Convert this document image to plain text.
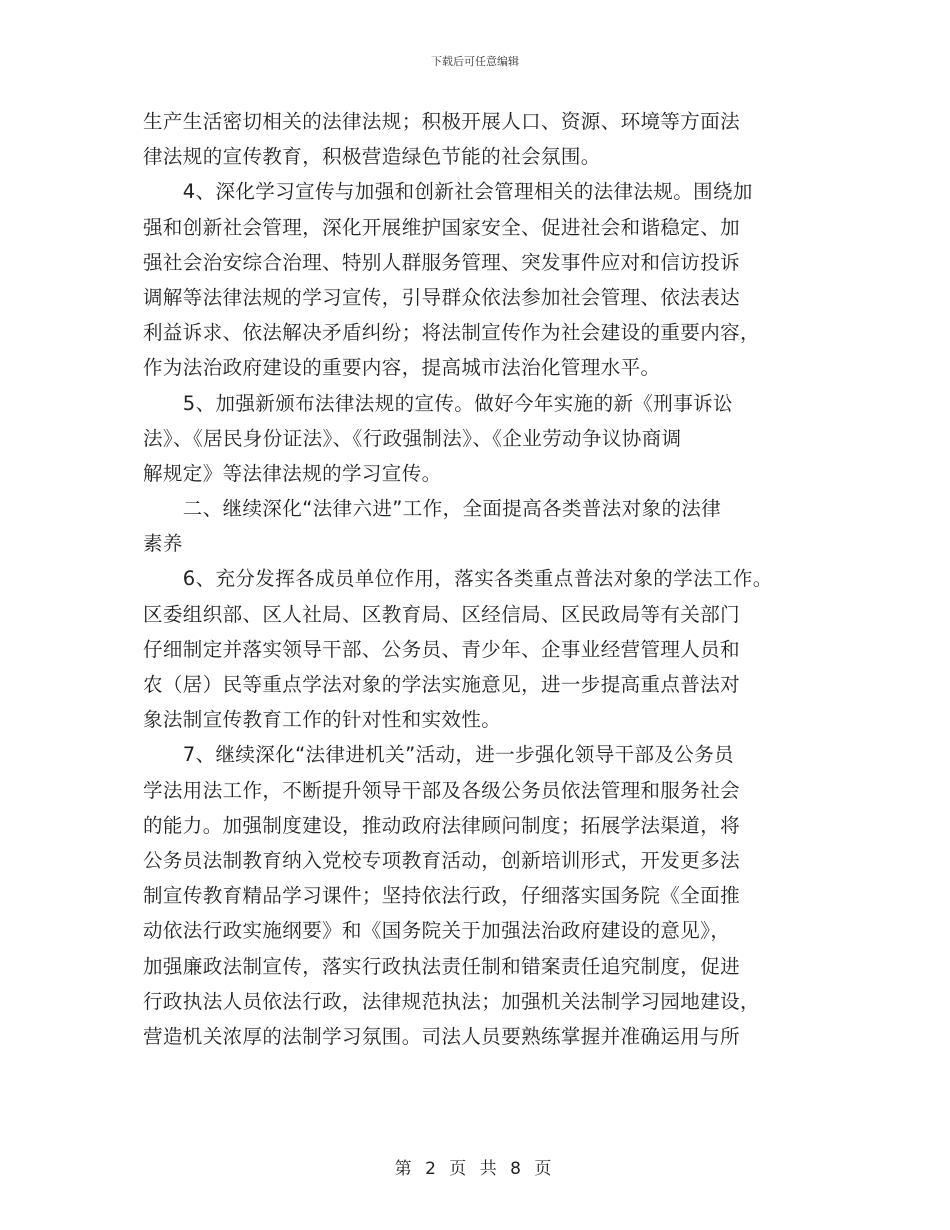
下载后可任意编辑
生产生活密切相关的法律法规；积极开展人口、资源、环境等方面法
律法规的宣传教育，积极营造绿色节能的社会氛围。
　　4、深化学习宣传与加强和创新社会管理相关的法律法规。围绕加
强和创新社会管理，深化开展维护国家安全、促进社会和谐稳定、加
强社会治安综合治理、特别人群服务管理、突发事件应对和信访投诉
调解等法律法规的学习宣传，引导群众依法参加社会管理、依法表达
利益诉求、依法解决矛盾纠纷；将法制宣传作为社会建设的重要内容，
作为法治政府建设的重要内容，提高城市法治化管理水平。
　　5、加强新颁布法律法规的宣传。做好今年实施的新《刑事诉讼
法》、《居民身份证法》、《行政强制法》、《企业劳动争议协商调
解规定》等法律法规的学习宣传。
　　二、继续深化“法律六进”工作，全面提高各类普法对象的法律
素养
　　6、充分发挥各成员单位作用，落实各类重点普法对象的学法工作。
区委组织部、区人社局、区教育局、区经信局、区民政局等有关部门
仔细制定并落实领导干部、公务员、青少年、企事业经营管理人员和
农（居）民等重点学法对象的学法实施意见，进一步提高重点普法对
象法制宣传教育工作的针对性和实效性。
　　7、继续深化“法律进机关”活动，进一步强化领导干部及公务员
学法用法工作，不断提升领导干部及各级公务员依法管理和服务社会
的能力。加强制度建设，推动政府法律顾问制度；拓展学法渠道，将
公务员法制教育纳入党校专项教育活动，创新培训形式，开发更多法
制宣传教育精品学习课件；坚持依法行政，仔细落实国务院《全面推
动依法行政实施纲要》和《国务院关于加强法治政府建设的意见》，
加强廉政法制宣传，落实行政执法责任制和错案责任追究制度，促进
行政执法人员依法行政，法律规范执法；加强机关法制学习园地建设，
营造机关浓厚的法制学习氛围。司法人员要熟练掌握并准确运用与所
第 2 页 共 8 页
